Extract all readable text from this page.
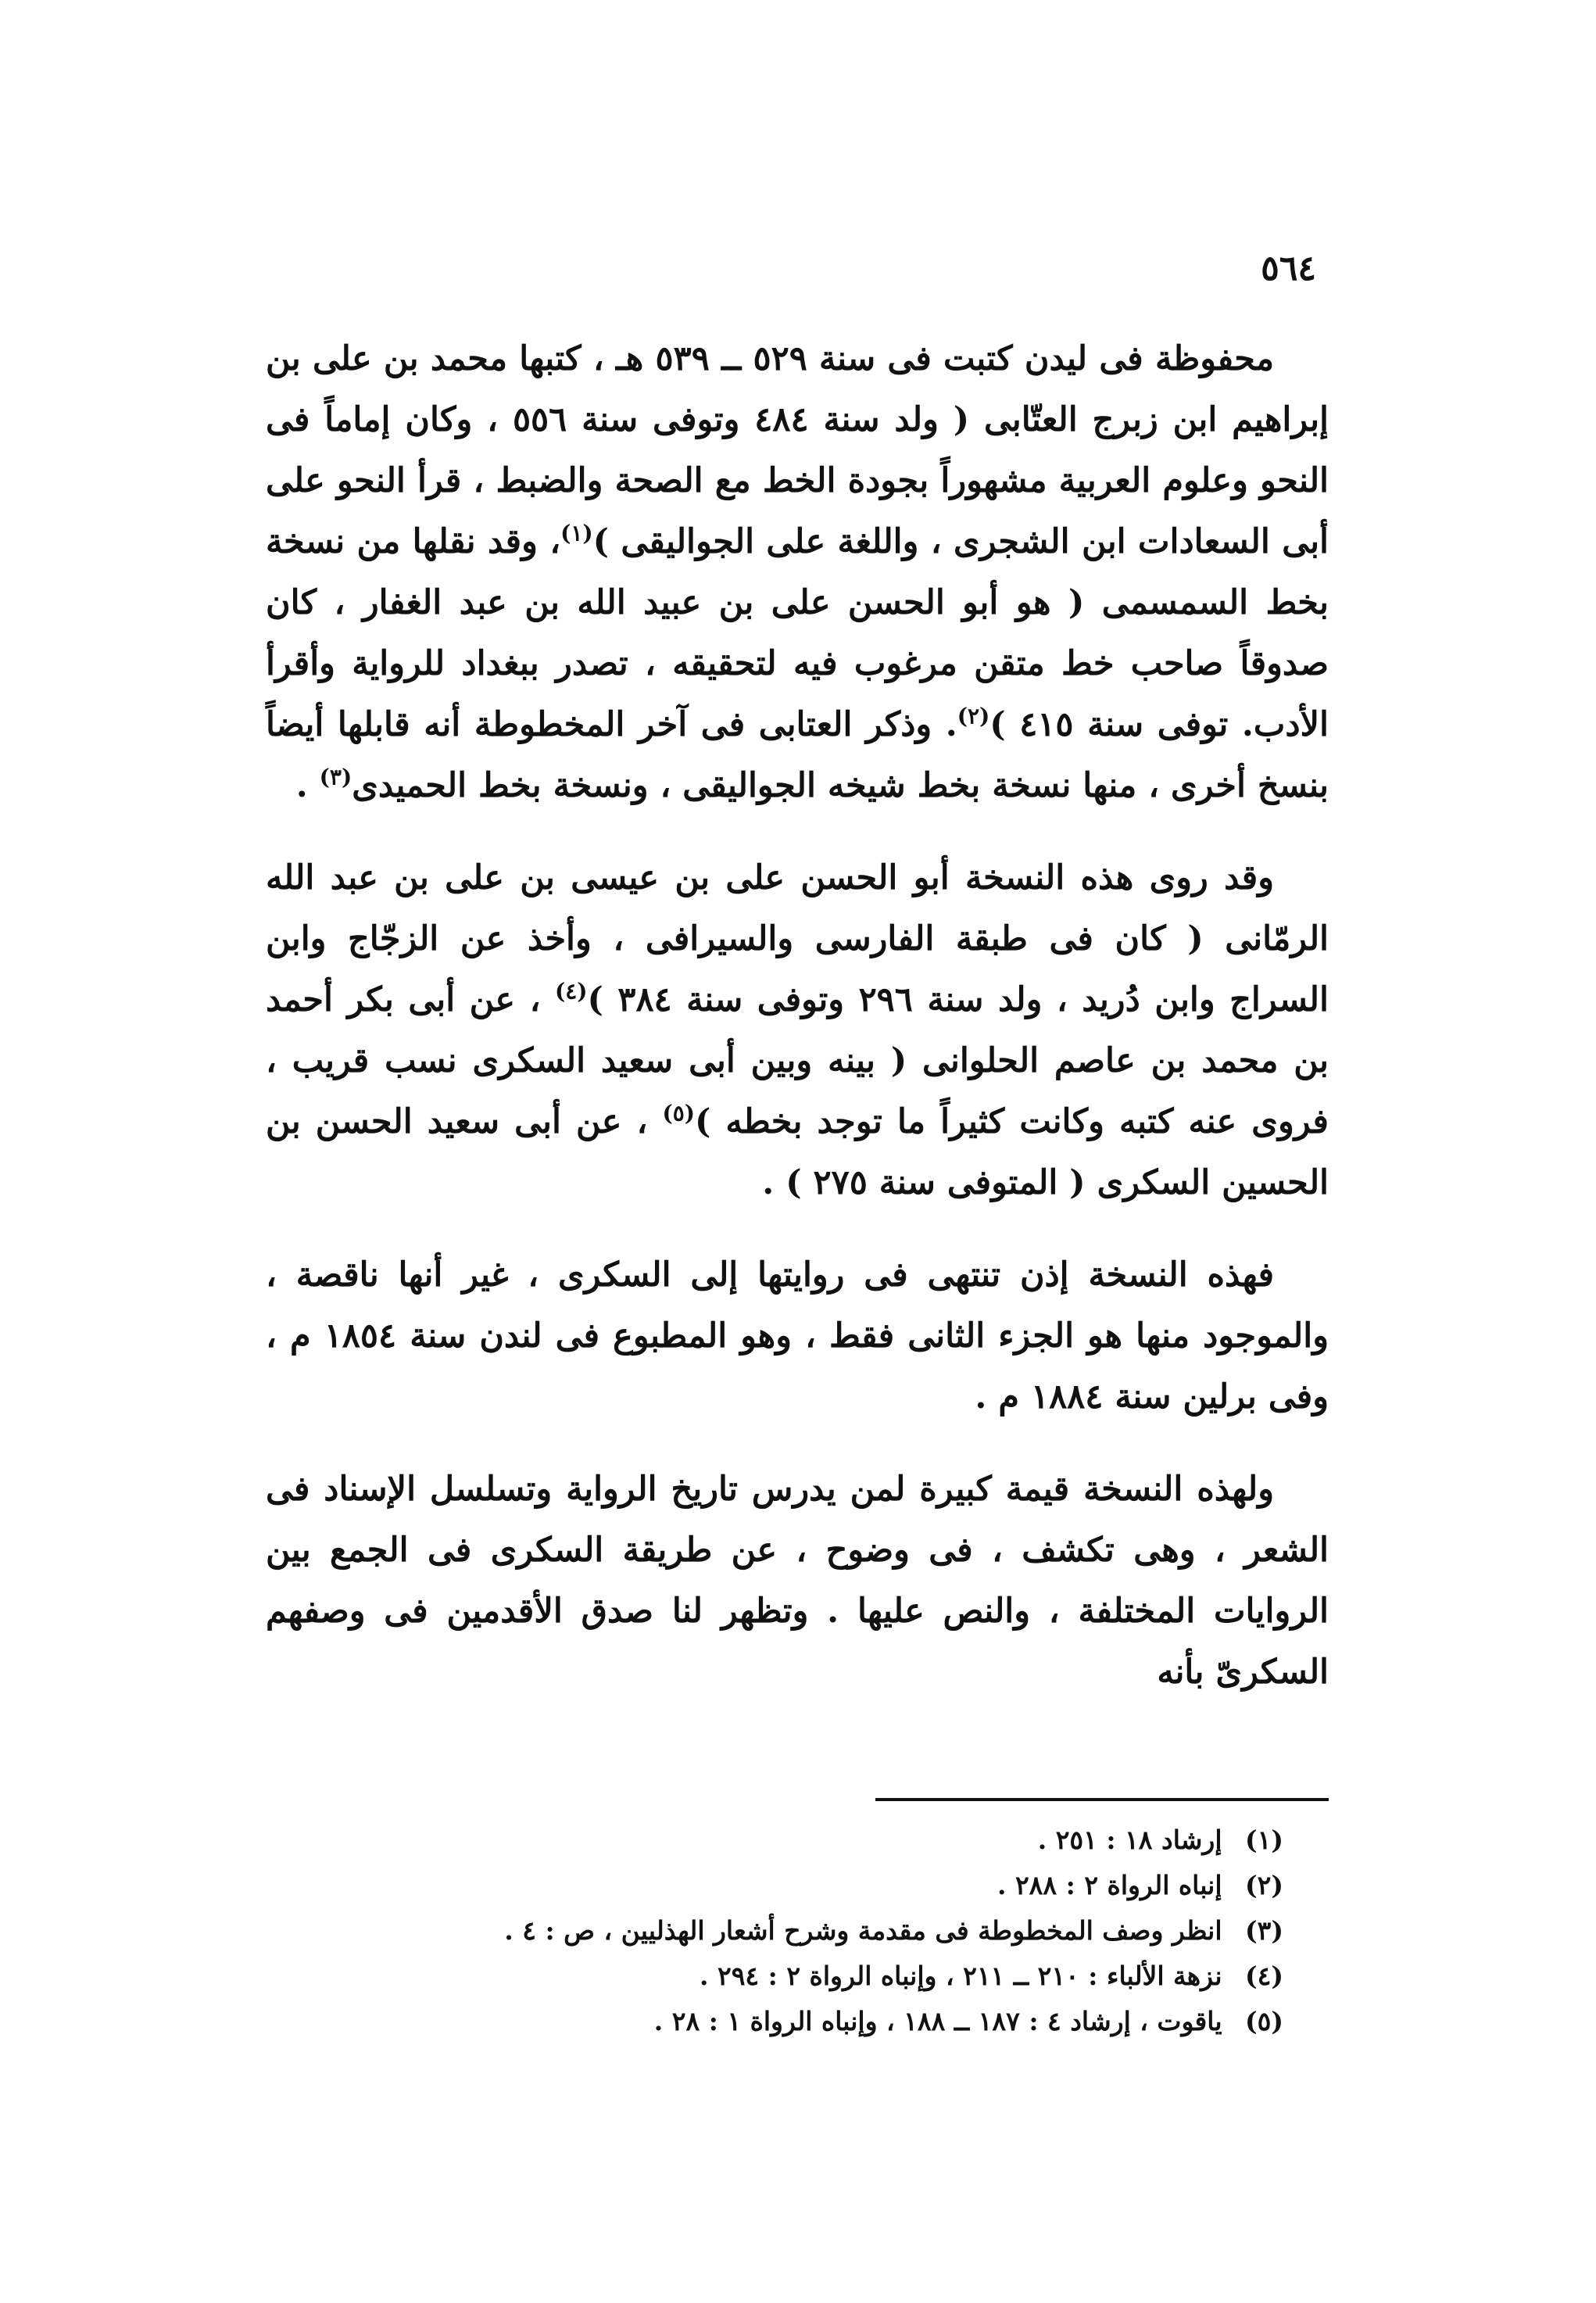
٥٦٤

محفوظة فى ليدن كتبت فى سنة ٥٢٩ ــ ٥٣٩ هـ ، كتبها محمد بن على بن إبراهيم ابن زبرج العتّابى ( ولد سنة ٤٨٤ وتوفى سنة ٥٥٦ ، وكان إماماً فى النحو وعلوم العربية مشهوراً بجودة الخط مع الصحة والضبط ، قرأ النحو على أبى السعادات ابن الشجرى ، واللغة على الجواليقى )$^{(١)}$، وقد نقلها من نسخة بخط السمسمى ( هو أبو الحسن على بن عبيد الله بن عبد الغفار ، كان صدوقاً صاحب خط متقن مرغوب فيه لتحقيقه ، تصدر ببغداد للرواية وأقرأ الأدب. توفى سنة ٤١٥ )$^{(٢)}$. وذكر العتابى فى آخر المخطوطة أنه قابلها أيضاً بنسخ أخرى ، منها نسخة بخط شيخه الجواليقى ، ونسخة بخط الحميدى$^{(٣)}$ .

وقد روى هذه النسخة أبو الحسن على بن عيسى بن على بن عبد الله الرمّانى ( كان فى طبقة الفارسى والسيرافى ، وأخذ عن الزجّاج وابن السراج وابن دُريد ، ولد سنة ٢٩٦ وتوفى سنة ٣٨٤ )$^{(٤)}$ ، عن أبى بكر أحمد بن محمد بن عاصم الحلوانى ( بينه وبين أبى سعيد السكرى نسب قريب ، فروى عنه كتبه وكانت كثيراً ما توجد بخطه )$^{(٥)}$ ، عن أبى سعيد الحسن بن الحسين السكرى ( المتوفى سنة ٢٧٥ ) .

فهذه النسخة إذن تنتهى فى روايتها إلى السكرى ، غير أنها ناقصة ، والموجود منها هو الجزء الثانى فقط ، وهو المطبوع فى لندن سنة ١٨٥٤ م ، وفى برلين سنة ١٨٨٤ م .

ولهذه النسخة قيمة كبيرة لمن يدرس تاريخ الرواية وتسلسل الإسناد فى الشعر ، وهى تكشف ، فى وضوح ، عن طريقة السكرى فى الجمع بين الروايات المختلفة ، والنص عليها . وتظهر لنا صدق الأقدمين فى وصفهم السكرىّ بأنه

(١) إرشاد ١٨ : ٢٥١ .
(٢) إنباه الرواة ٢ : ٢٨٨ .
(٣) انظر وصف المخطوطة فى مقدمة وشرح أشعار الهذليين ، ص : ٤ .
(٤) نزهة الألباء : ٢١٠ ــ ٢١١ ، وإنباه الرواة ٢ : ٢٩٤ .
(٥) ياقوت ، إرشاد ٤ : ١٨٧ ــ ١٨٨ ، وإنباه الرواة ١ : ٢٨ .
